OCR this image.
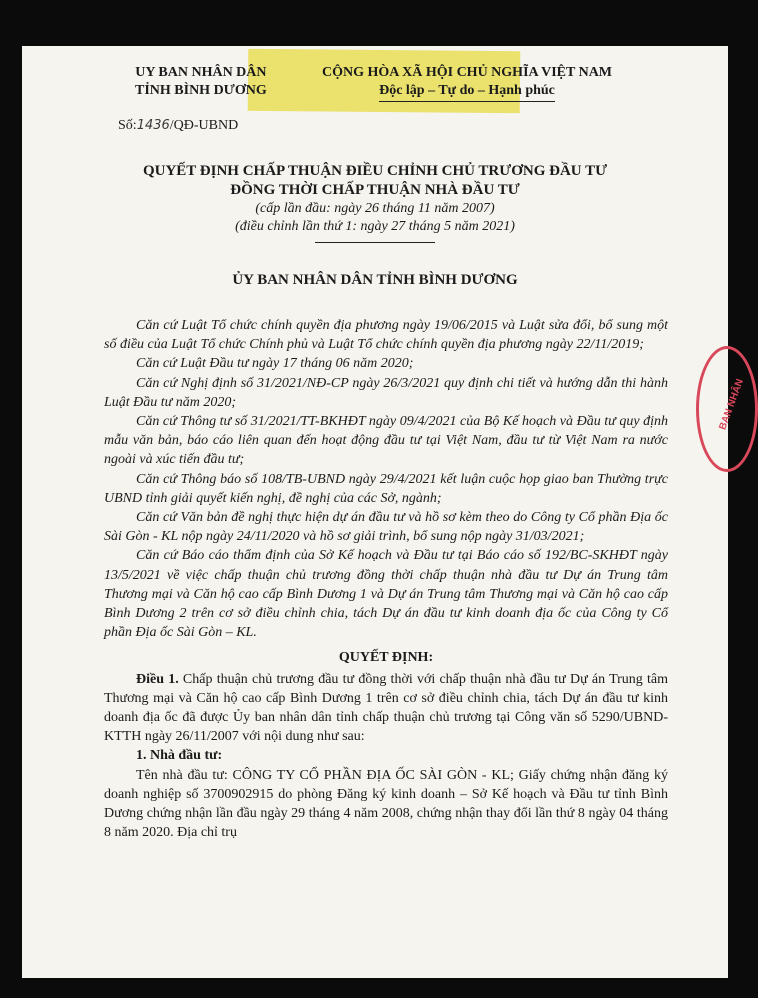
BAN NHÂN
UY BAN NHÂN DÂN
TỈNH BÌNH DƯƠNG
CỘNG HÒA XÃ HỘI CHỦ NGHĨA VIỆT NAM
Độc lập – Tự do – Hạnh phúc
Số:1436/QĐ-UBND

QUYẾT ĐỊNH CHẤP THUẬN ĐIỀU CHỈNH CHỦ TRƯƠNG ĐẦU TƯ

ĐỒNG THỜI CHẤP THUẬN NHÀ ĐẦU TƯ

(cấp lần đầu: ngày 26 tháng 11 năm 2007)

(điều chỉnh lần thứ 1: ngày 27 tháng 5 năm 2021)

ỦY BAN NHÂN DÂN TỈNH BÌNH DƯƠNG

Căn cứ Luật Tổ chức chính quyền địa phương ngày 19/06/2015 và Luật sửa đổi, bổ sung một số điều của Luật Tổ chức Chính phủ và Luật Tổ chức chính quyền địa phương ngày 22/11/2019;

Căn cứ Luật Đầu tư ngày 17 tháng 06 năm 2020;

Căn cứ Nghị định số 31/2021/NĐ-CP ngày 26/3/2021 quy định chi tiết và hướng dẫn thi hành Luật Đầu tư năm 2020;

Căn cứ Thông tư số 31/2021/TT-BKHĐT ngày 09/4/2021 của Bộ Kế hoạch và Đầu tư quy định mẫu văn bản, báo cáo liên quan đến hoạt động đầu tư tại Việt Nam, đầu tư từ Việt Nam ra nước ngoài và xúc tiến đầu tư;

Căn cứ Thông báo số 108/TB-UBND ngày 29/4/2021 kết luận cuộc họp giao ban Thường trực UBND tỉnh giải quyết kiến nghị, đề nghị của các Sở, ngành;

Căn cứ Văn bản đề nghị thực hiện dự án đầu tư và hồ sơ kèm theo do Công ty Cổ phần Địa ốc Sài Gòn - KL nộp ngày 24/11/2020 và hồ sơ giải trình, bổ sung nộp ngày 31/03/2021;

Căn cứ Báo cáo thẩm định của Sở Kế hoạch và Đầu tư tại Báo cáo số 192/BC-SKHĐT ngày 13/5/2021 về việc chấp thuận chủ trương đồng thời chấp thuận nhà đầu tư Dự án Trung tâm Thương mại và Căn hộ cao cấp Bình Dương 1 và Dự án Trung tâm Thương mại và Căn hộ cao cấp Bình Dương 2 trên cơ sở điều chỉnh chia, tách Dự án đầu tư kinh doanh địa ốc của Công ty Cổ phần Địa ốc Sài Gòn – KL.

QUYẾT ĐỊNH:

Điều 1. Chấp thuận chủ trương đầu tư đồng thời với chấp thuận nhà đầu tư Dự án Trung tâm Thương mại và Căn hộ cao cấp Bình Dương 1 trên cơ sở điều chỉnh chia, tách Dự án đầu tư kinh doanh địa ốc đã được Ủy ban nhân dân tỉnh chấp thuận chủ trương tại Công văn số 5290/UBND-KTTH ngày 26/11/2007 với nội dung như sau:

1. Nhà đầu tư:

Tên nhà đầu tư: CÔNG TY CỔ PHẦN ĐỊA ỐC SÀI GÒN - KL; Giấy chứng nhận đăng ký doanh nghiệp số 3700902915 do phòng Đăng ký kinh doanh – Sở Kế hoạch và Đầu tư tỉnh Bình Dương chứng nhận lần đầu ngày 29 tháng 4 năm 2008, chứng nhận thay đổi lần thứ 8 ngày 04 tháng 8 năm 2020. Địa chỉ trụ
